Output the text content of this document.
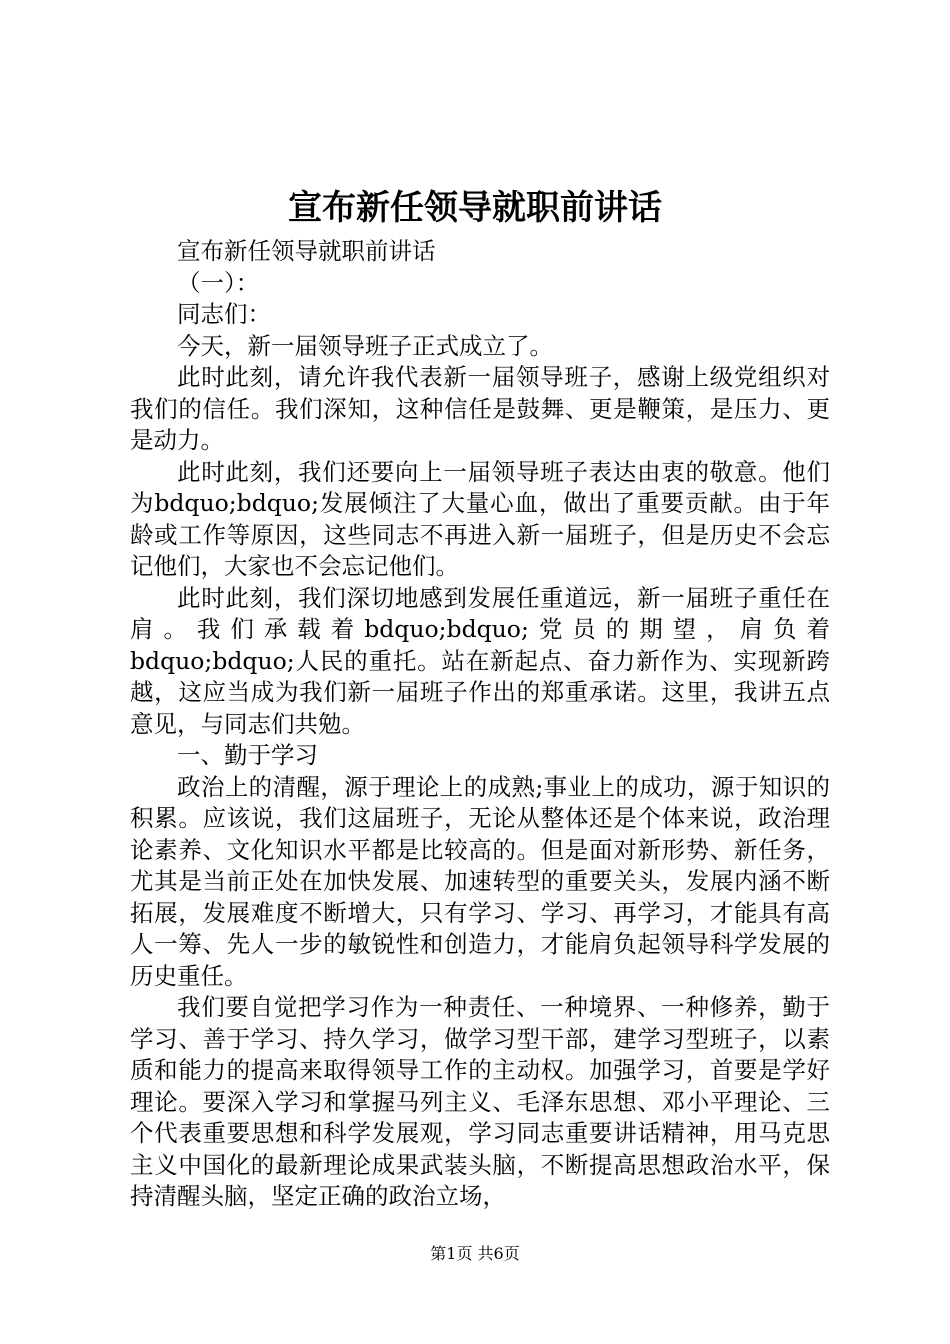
宣布新任领导就职前讲话

宣布新任领导就职前讲话

（一）：

同志们：

今天，新一届领导班子正式成立了。

此时此刻，请允许我代表新一届领导班子，感谢上级党组织对我们的信任。我们深知，这种信任是鼓舞、更是鞭策，是压力、更是动力。

此时此刻，我们还要向上一届领导班子表达由衷的敬意。他们为bdquo;bdquo;发展倾注了大量心血，做出了重要贡献。由于年龄或工作等原因，这些同志不再进入新一届班子，但是历史不会忘记他们，大家也不会忘记他们。

此时此刻，我们深切地感到发展任重道远，新一届班子重任在肩。我们承载着bdquo;bdquo;党员的期望，肩负着bdquo;bdquo;人民的重托。站在新起点、奋力新作为、实现新跨越，这应当成为我们新一届班子作出的郑重承诺。这里，我讲五点意见，与同志们共勉。

一、勤于学习

政治上的清醒，源于理论上的成熟;事业上的成功，源于知识的积累。应该说，我们这届班子，无论从整体还是个体来说，政治理论素养、文化知识水平都是比较高的。但是面对新形势、新任务，尤其是当前正处在加快发展、加速转型的重要关头，发展内涵不断拓展，发展难度不断增大，只有学习、学习、再学习，才能具有高人一筹、先人一步的敏锐性和创造力，才能肩负起领导科学发展的历史重任。

我们要自觉把学习作为一种责任、一种境界、一种修养，勤于学习、善于学习、持久学习，做学习型干部，建学习型班子，以素质和能力的提高来取得领导工作的主动权。加强学习，首要是学好理论。要深入学习和掌握马列主义、毛泽东思想、邓小平理论、三个代表重要思想和科学发展观，学习同志重要讲话精神，用马克思主义中国化的最新理论成果武装头脑，不断提高思想政治水平，保持清醒头脑，坚定正确的政治立场，

第1页 共6页
